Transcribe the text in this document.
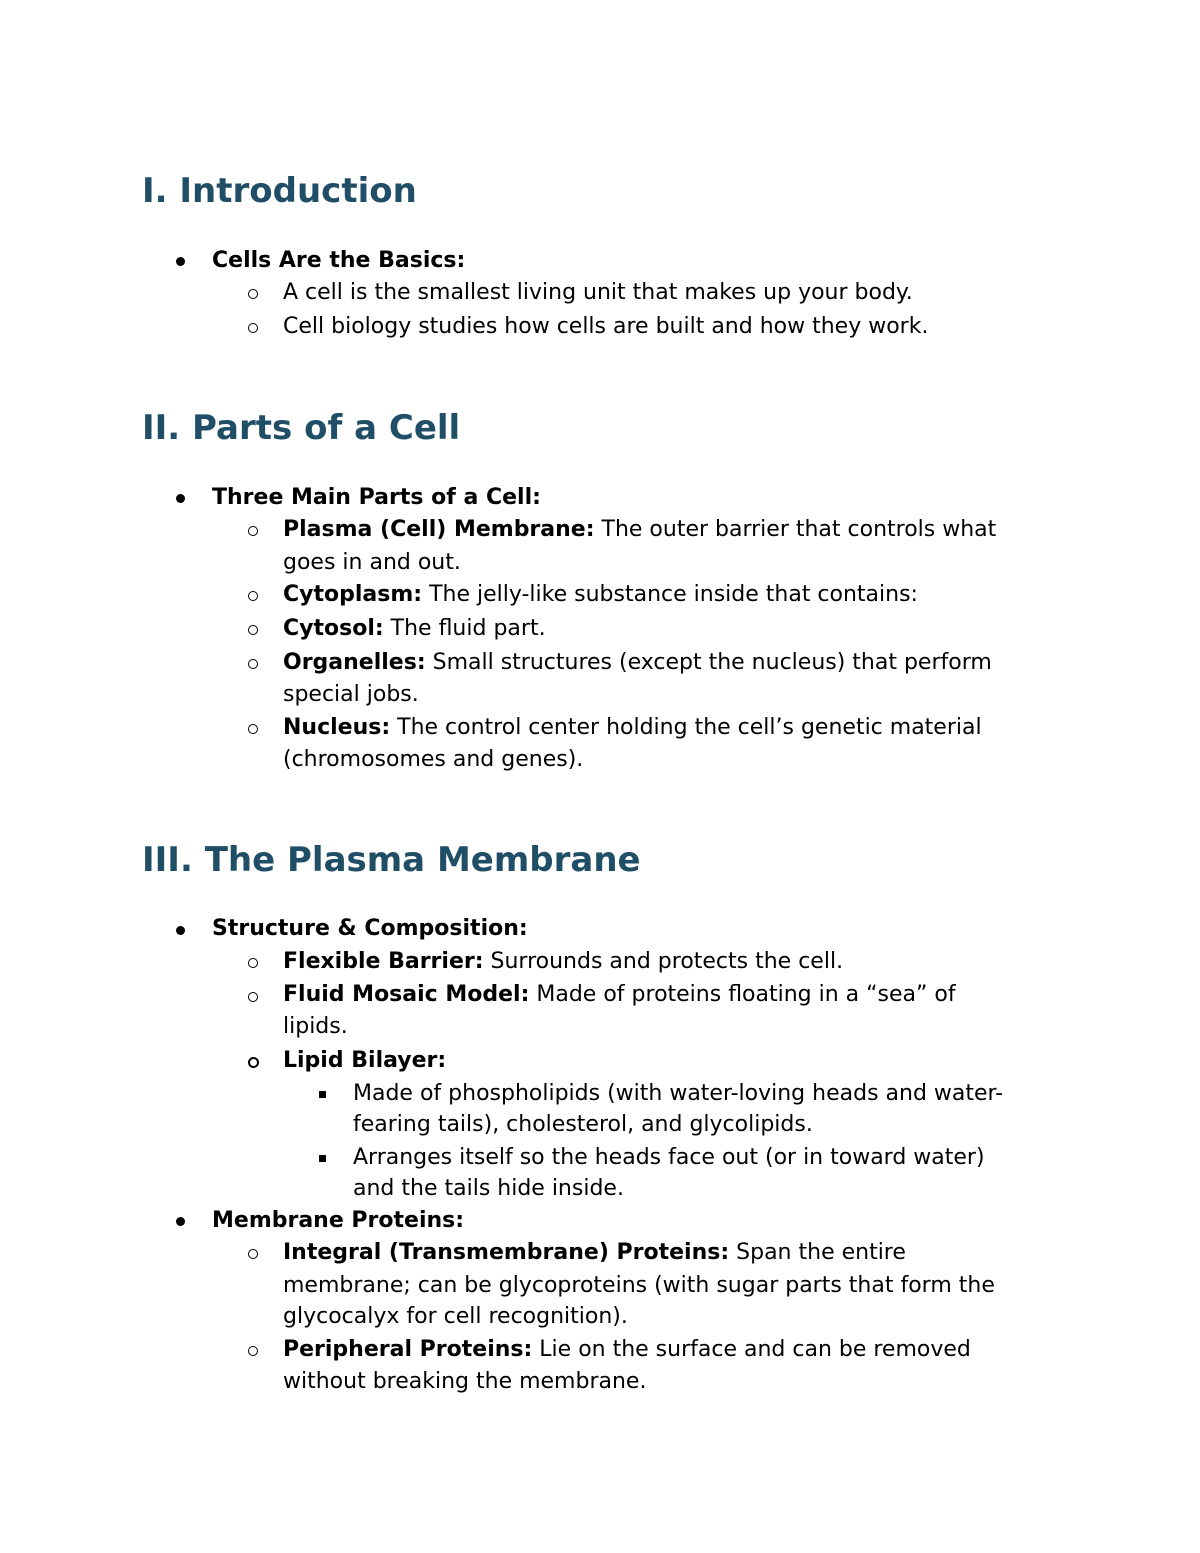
I. Introduction
Cells Are the Basics:
A cell is the smallest living unit that makes up your body.
Cell biology studies how cells are built and how they work.
II. Parts of a Cell
Three Main Parts of a Cell:
Plasma (Cell) Membrane: The outer barrier that controls what
goes in and out.
Cytoplasm: The jelly-like substance inside that contains:
Cytosol: The fluid part.
Organelles: Small structures (except the nucleus) that perform
special jobs.
Nucleus: The control center holding the cell’s genetic material
(chromosomes and genes).
III. The Plasma Membrane
Structure & Composition:
Flexible Barrier: Surrounds and protects the cell.
Fluid Mosaic Model: Made of proteins floating in a “sea” of
lipids.
Lipid Bilayer:
Made of phospholipids (with water-loving heads and water-
fearing tails), cholesterol, and glycolipids.
Arranges itself so the heads face out (or in toward water)
and the tails hide inside.
Membrane Proteins:
Integral (Transmembrane) Proteins: Span the entire
membrane; can be glycoproteins (with sugar parts that form the
glycocalyx for cell recognition).
Peripheral Proteins: Lie on the surface and can be removed
without breaking the membrane.
